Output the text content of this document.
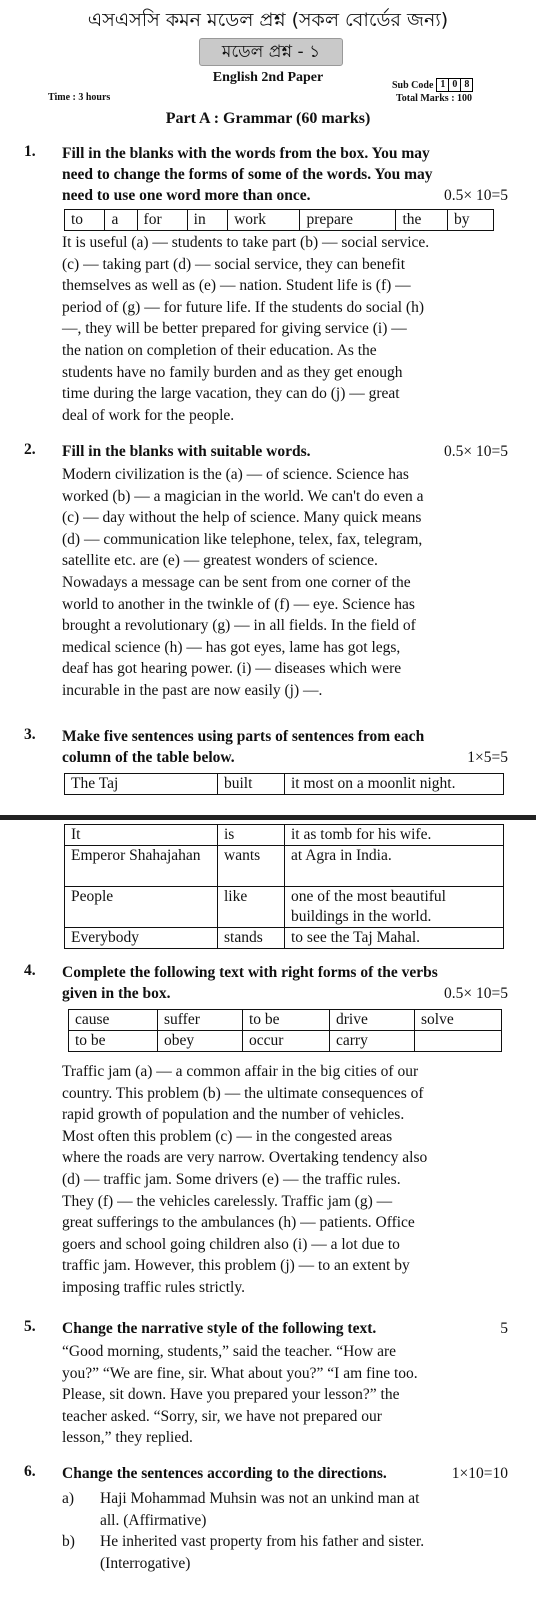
এসএসসি কমন মডেল প্রশ্ন (সকল বোর্ডের জন্য)
মডেল প্রশ্ন - ১
English 2nd Paper	Sub Code 1 0 8
Time : 3 hours	Total Marks : 100
Part A : Grammar (60 marks)
1. Fill in the blanks with the words from the box. You may
need to change the forms of some of the words. You may
need to use one word more than once.	0.5× 10=5
to	a	for	in	work	prepare	the	by
It is useful (a) — students to take part (b) — social service.
(c) — taking part (d) — social service, they can benefit
themselves as well as (e) — nation. Student life is (f) —
period of (g) — for future life. If the students do social (h)
—, they will be better prepared for giving service (i) —
the nation on completion of their education. As the
students have no family burden and as they get enough
time during the large vacation, they can do (j) — great
deal of work for the people.
2. Fill in the blanks with suitable words.	0.5× 10=5
Modern civilization is the (a) — of science. Science has
worked (b) — a magician in the world. We can't do even a
(c) — day without the help of science. Many quick means
(d) — communication like telephone, telex, fax, telegram,
satellite etc. are (e) — greatest wonders of science.
Nowadays a message can be sent from one corner of the
world to another in the twinkle of (f) — eye. Science has
brought a revolutionary (g) — in all fields. In the field of
medical science (h) — has got eyes, lame has got legs,
deaf has got hearing power. (i) — diseases which were
incurable in the past are now easily (j) —.
3. Make five sentences using parts of sentences from each
column of the table below.	1×5=5
The Taj	built	it most on a moonlit night.
It	is	it as tomb for his wife.
Emperor Shahajahan	wants	at Agra in India.
People	like	one of the most beautiful buildings in the world.
Everybody	stands	to see the Taj Mahal.
4. Complete the following text with right forms of the verbs
given in the box.	0.5× 10=5
cause	suffer	to be	drive	solve
to be	obey	occur	carry	
Traffic jam (a) — a common affair in the big cities of our
country. This problem (b) — the ultimate consequences of
rapid growth of population and the number of vehicles.
Most often this problem (c) — in the congested areas
where the roads are very narrow. Overtaking tendency also
(d) — traffic jam. Some drivers (e) — the traffic rules.
They (f) — the vehicles carelessly. Traffic jam (g) —
great sufferings to the ambulances (h) — patients. Office
goers and school going children also (i) — a lot due to
traffic jam. However, this problem (j) — to an extent by
imposing traffic rules strictly.
5. Change the narrative style of the following text.	5
“Good morning, students,” said the teacher. “How are
you?” “We are fine, sir. What about you?” “I am fine too.
Please, sit down. Have you prepared your lesson?” the
teacher asked. “Sorry, sir, we have not prepared our
lesson,” they replied.
6. Change the sentences according to the directions.	1×10=10
a)	Haji Mohammad Muhsin was not an unkind man at
all. (Affirmative)
b)	He inherited vast property from his father and sister.
(Interrogative)
